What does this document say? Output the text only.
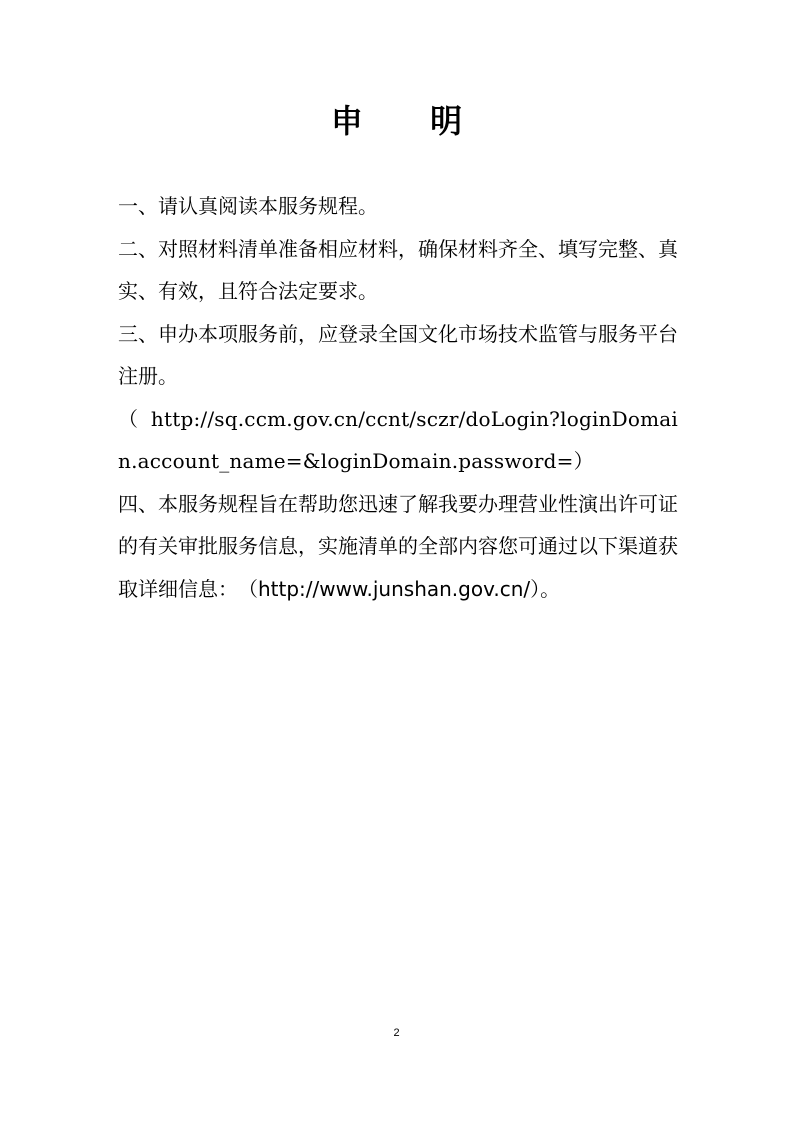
申 明

一、请认真阅读本服务规程。

二、对照材料清单准备相应材料，确保材料齐全、填写完整、真实、有效，且符合法定要求。

三、申办本项服务前，应登录全国文化市场技术监管与服务平台注册。

（ http://sq.ccm.gov.cn/ccnt/sczr/doLogin?loginDomain.account_name=&loginDomain.password=）

四、本服务规程旨在帮助您迅速了解我要办理营业性演出许可证的有关审批服务信息，实施清单的全部内容您可通过以下渠道获取详细信息：　（http://www.junshan.gov.cn/）。

2
